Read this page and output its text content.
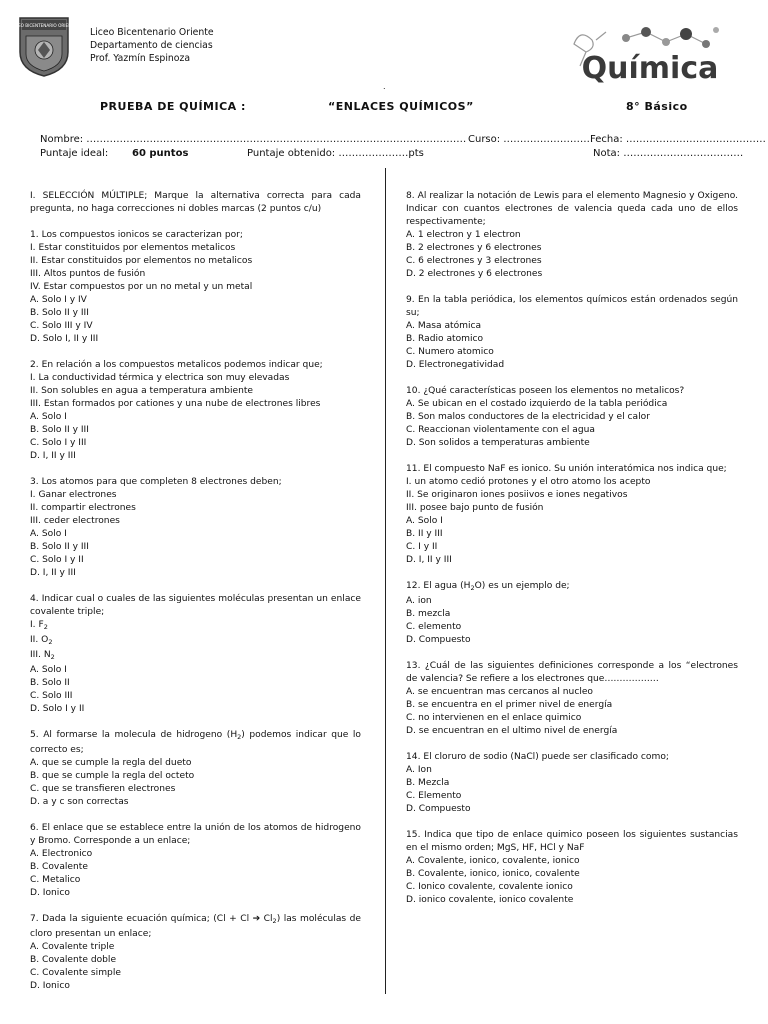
LICEO BICENTENARIO ORIENTE
Liceo Bicentenario Oriente
Departamento de ciencias
Prof. Yazmín Espinoza	Química
.
PRUEBA DE QUÍMICA :	“ENLACES QUÍMICOS”	8° Básico
Nombre: …………………………………………………………………………………………………… Curso: ………………………
Fecha: ……………………………………
Puntaje ideal: 60 puntos	Puntaje obtenido: …………………pts	Nota: ………………………………

I. SELECCIÓN MÚLTIPLE; Marque la alternativa correcta para cada pregunta, no haga correcciones ni dobles marcas (2 puntos c/u)

1. Los compuestos ionicos se caracterizan por;
I. Estar constituidos por elementos metalicos
II. Estar constituidos por elementos no metalicos
III. Altos puntos de fusión
IV. Estar compuestos por un no metal y un metal
A. Solo I y IV
B. Solo II y III
C. Solo III y IV
D. Solo I, II y III

2. En relación a los compuestos metalicos podemos indicar que;
I. La conductividad térmica y electrica son muy elevadas
II. Son solubles en agua a temperatura ambiente
III. Estan formados por cationes y una nube de electrones libres
A. Solo I
B. Solo II y III
C. Solo I y III
D. I, II y III

3. Los atomos para que completen 8 electrones deben;
I. Ganar electrones
II. compartir electrones
III. ceder electrones
A. Solo I
B. Solo II y III
C. Solo I y II
D. I, II y III

4. Indicar cual o cuales de las siguientes moléculas presentan un enlace covalente triple;
I. $F_2$
II. $O_2$
III. $N_2$
A. Solo I
B. Solo II
C. Solo III
D. Solo I y II

5. Al formarse la molecula de hidrogeno $(H_2)$ podemos indicar que lo correcto es;
A. que se cumple la regla del dueto
B. que se cumple la regla del octeto
C. que se transfieren electrones
D. a y c son correctas

6. El enlace que se establece entre la unión de los atomos de hidrogeno y Bromo. Corresponde a un enlace;
A. Electronico
B. Covalente
C. Metalico
D. Ionico

7. Dada la siguiente ecuación química; (Cl + Cl ➔ $Cl_2$) las moléculas de cloro presentan un enlace;
A. Covalente triple
B. Covalente doble
C. Covalente simple
D. Ionico

8. Al realizar la notación de Lewis para el elemento Magnesio y Oxigeno. Indicar con cuantos electrones de valencia queda cada uno de ellos respectivamente;
A. 1 electron y 1 electron
B. 2 electrones y 6 electrones
C. 6 electrones y 3 electrones
D. 2 electrones y 6 electrones

9. En la tabla periódica, los elementos químicos están ordenados según su;
A. Masa atómica
B. Radio atomico
C. Numero atomico
D. Electronegatividad

10. ¿Qué características poseen los elementos no metalicos?
A. Se ubican en el costado izquierdo de la tabla periódica
B. Son malos conductores de la electricidad y el calor
C. Reaccionan violentamente con el agua
D. Son solidos a temperaturas ambiente

11. El compuesto NaF es ionico. Su unión interatómica nos indica que;
I. un atomo cedió protones y el otro atomo los acepto
II. Se originaron iones posiivos e iones negativos
III. posee bajo punto de fusión
A. Solo I
B. II y III
C. I y II
D. I, II y III

12. El agua $(H_2O)$ es un ejemplo de;
A. ion
B. mezcla
C. elemento
D. Compuesto

13. ¿Cuál de las siguientes definiciones corresponde a los “electrones de valencia? Se refiere a los electrones que………………
A. se encuentran mas cercanos al nucleo
B. se encuentra en el primer nivel de energía
C. no intervienen en el enlace quimico
D. se encuentran en el ultimo nivel de energía

14. El cloruro de sodio (NaCl) puede ser clasificado como;
A. Ion
B. Mezcla
C. Elemento
D. Compuesto

15. Indica que tipo de enlace quimico poseen los siguientes sustancias en el mismo orden; MgS, HF, HCl y NaF
A. Covalente, ionico, covalente, ionico
B. Covalente, ionico, ionico, covalente
C. Ionico covalente, covalente ionico
D. ionico covalente, ionico covalente
